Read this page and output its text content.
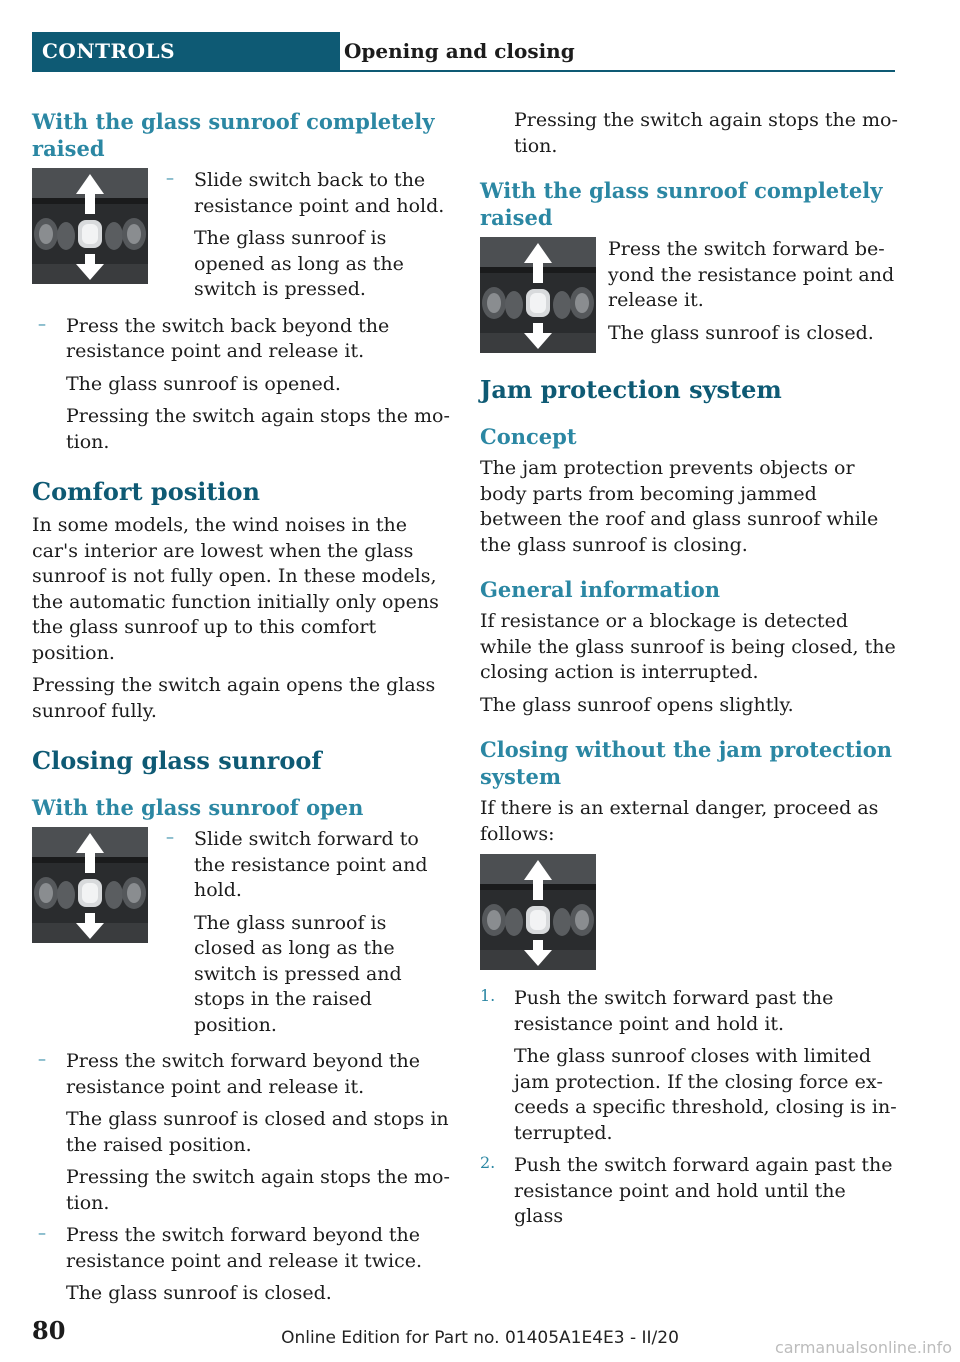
CONTROLS	Opening and closing
With the glass sunroof completely raised
– Slide switch back to the resistance point and hold.

The glass sunroof is opened as long as the switch is pressed.

– Press the switch back beyond the resistance point and release it.

The glass sunroof is opened.

Pressing the switch again stops the motion.

Comfort position

In some models, the wind noises in the car's interior are lowest when the glass sunroof is not fully open. In these models, the automatic function initially only opens the glass sunroof up to this comfort position.

Pressing the switch again opens the glass sunroof fully.

Closing glass sunroof
With the glass sunroof open
– Slide switch forward to the resistance point and hold.

The glass sunroof is closed as long as the switch is pressed and stops in the raised position.

– Press the switch forward beyond the resistance point and release it.

The glass sunroof is closed and stops in the raised position.

Pressing the switch again stops the motion.

– Press the switch forward beyond the resistance point and release it twice.

The glass sunroof is closed.

Pressing the switch again stops the motion.

With the glass sunroof completely raised

Press the switch forward beyond the resistance point and release it.

The glass sunroof is closed.

Jam protection system
Concept

The jam protection prevents objects or body parts from becoming jammed between the roof and glass sunroof while the glass sunroof is closing.

General information

If resistance or a blockage is detected while the glass sunroof is being closed, the closing action is interrupted.

The glass sunroof opens slightly.

Closing without the jam protection system

If there is an external danger, proceed as follows:

1. Push the switch forward past the resistance point and hold it.

The glass sunroof closes with limited jam protection. If the closing force exceeds a specific threshold, closing is interrupted.

2. Push the switch forward again past the resistance point and hold until the glass

80	Online Edition for Part no. 01405A1E4E3 - II/20	carmanualsonline.info
